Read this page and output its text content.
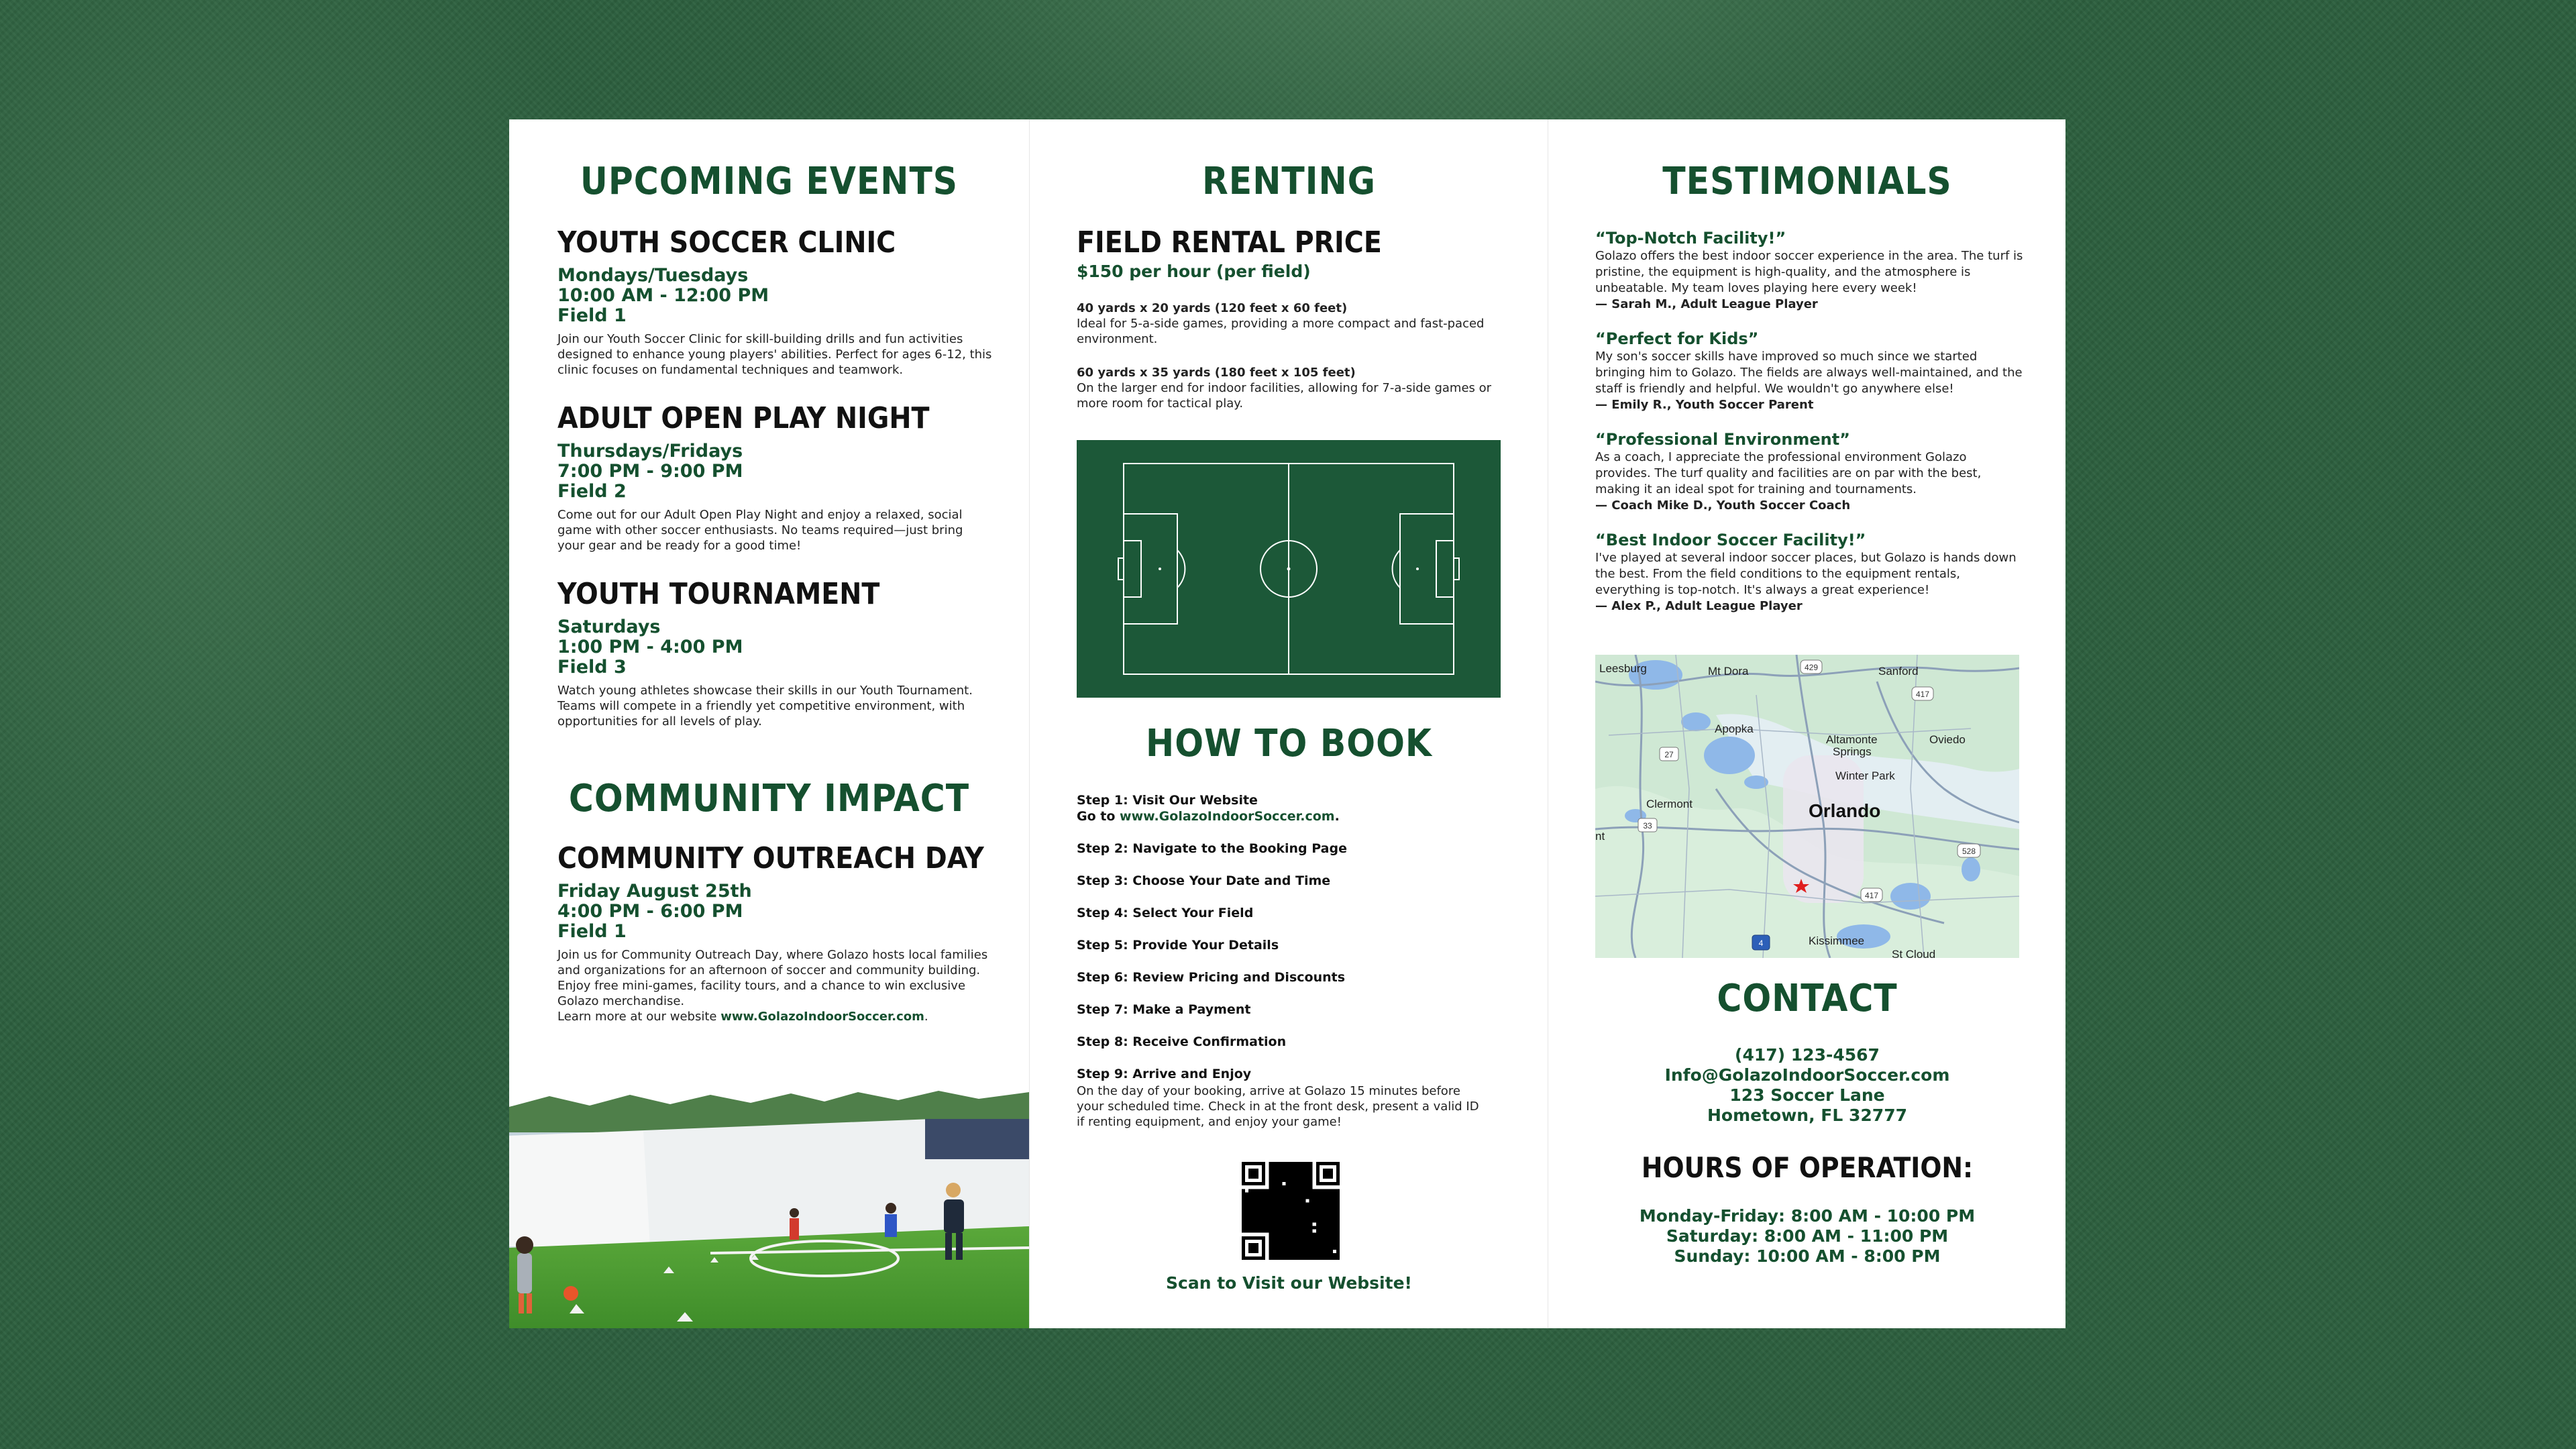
UPCOMING EVENTS
YOUTH SOCCER CLINIC
Mondays/Tuesdays
10:00 AM - 12:00 PM
Field 1
Join our Youth Soccer Clinic for skill-building drills and fun activities designed to enhance young players' abilities. Perfect for ages 6-12, this clinic focuses on fundamental techniques and teamwork.
ADULT OPEN PLAY NIGHT
Thursdays/Fridays
7:00 PM - 9:00 PM
Field 2
Come out for our Adult Open Play Night and enjoy a relaxed, social game with other soccer enthusiasts. No teams required—just bring your gear and be ready for a good time!
YOUTH TOURNAMENT
Saturdays
1:00 PM - 4:00 PM
Field 3
Watch young athletes showcase their skills in our Youth Tournament. Teams will compete in a friendly yet competitive environment, with opportunities for all levels of play.
COMMUNITY IMPACT
COMMUNITY OUTREACH DAY
Friday August 25th
4:00 PM - 6:00 PM
Field 1
Join us for Community Outreach Day, where Golazo hosts local families and organizations for an afternoon of soccer and community building. Enjoy free mini-games, facility tours, and a chance to win exclusive Golazo merchandise.
Learn more at our website www.GolazoIndoorSoccer.com.
RENTING
FIELD RENTAL PRICE
$150 per hour (per field)
40 yards x 20 yards (120 feet x 60 feet)
Ideal for 5-a-side games, providing a more compact and fast-paced environment.
60 yards x 35 yards (180 feet x 105 feet)
On the larger end for indoor facilities, allowing for 7-a-side games or more room for tactical play.
HOW TO BOOK
Step 1: Visit Our Website
Go to www.GolazoIndoorSoccer.com.
Step 2: Navigate to the Booking Page
Step 3: Choose Your Date and Time
Step 4: Select Your Field
Step 5: Provide Your Details
Step 6: Review Pricing and Discounts
Step 7: Make a Payment
Step 8: Receive Confirmation
Step 9: Arrive and Enjoy
On the day of your booking, arrive at Golazo 15 minutes before your scheduled time. Check in at the front desk, present a valid ID if renting equipment, and enjoy your game!
Scan to Visit our Website!
TESTIMONIALS
“Top-Notch Facility!”
Golazo offers the best indoor soccer experience in the area. The turf is pristine, the equipment is high-quality, and the atmosphere is unbeatable. My team loves playing here every week!
— Sarah M., Adult League Player
“Perfect for Kids”
My son's soccer skills have improved so much since we started bringing him to Golazo. The fields are always well-maintained, and the staff is friendly and helpful. We wouldn't go anywhere else!
— Emily R., Youth Soccer Parent
“Professional Environment”
As a coach, I appreciate the professional environment Golazo provides. The turf quality and facilities are on par with the best, making it an ideal spot for training and tournaments.
— Coach Mike D., Youth Soccer Coach
“Best Indoor Soccer Facility!”
I've played at several indoor soccer places, but Golazo is hands down the best. From the field conditions to the equipment rentals, everything is top-notch. It's always a great experience!
— Alex P., Adult League Player
Leesburg	Mt Dora	Sanford
Apopka
Altamonte Springs
Oviedo
Winter Park
Clermont	Orlando
Kissimmee
St Cloud
nt
429
417
27
33
528
417
4
CONTACT
(417) 123-4567
Info@GolazoIndoorSoccer.com
123 Soccer Lane
Hometown, FL 32777
HOURS OF OPERATION:
Monday-Friday: 8:00 AM - 10:00 PM
Saturday: 8:00 AM - 11:00 PM
Sunday: 10:00 AM - 8:00 PM
